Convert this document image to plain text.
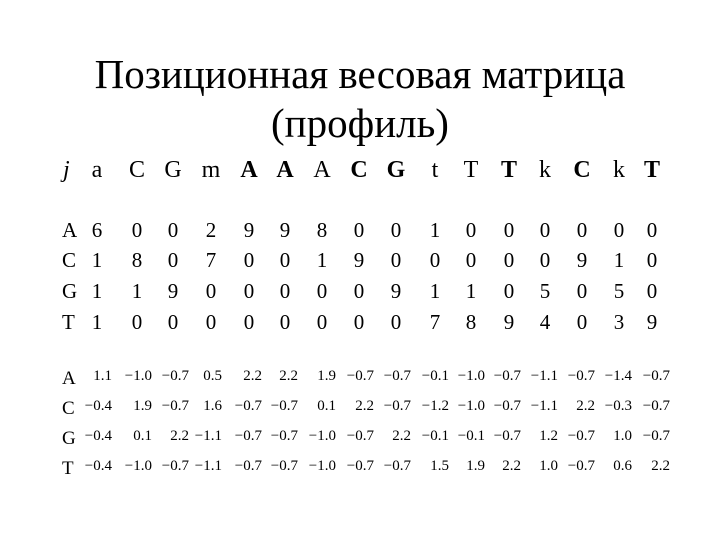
Позиционная весовая матрица
(профиль)
j a	C G m A A A C G	t	T T k C k T
A 6	0	0	2	9	9	8	0	0	1	0	0	0	0	0	0
C 1	8	0	7	0	0	1	9	0	0	0	0	0	9	1	0
G 1	1	9	0	0	0	0	0	9	1	1	0	5	0	5	0
T 1	0	0	0	0	0	0	0	0	7	8	9	4	0	3	9
A	1.1 −1.0 −0.7 0.5	2.2	2.2	1.9 −0.7 −0.7 −0.1 −1.0 −0.7 −1.1 −0.7 −1.4 −0.7
C −0.4	1.9 −0.7 1.6 −0.7 −0.7	0.1	2.2 −0.7 −1.2 −1.0 −0.7 −1.1	2.2 −0.3 −0.7
G −0.4	0.1	2.2 −1.1 −0.7 −0.7 −1.0 −0.7	2.2 −0.1 −0.1 −0.7	1.2 −0.7	1.0 −0.7
T −0.4 −1.0 −0.7 −1.1 −0.7 −0.7 −1.0 −0.7 −0.7	1.5	1.9	2.2	1.0 −0.7	0.6	2.2
